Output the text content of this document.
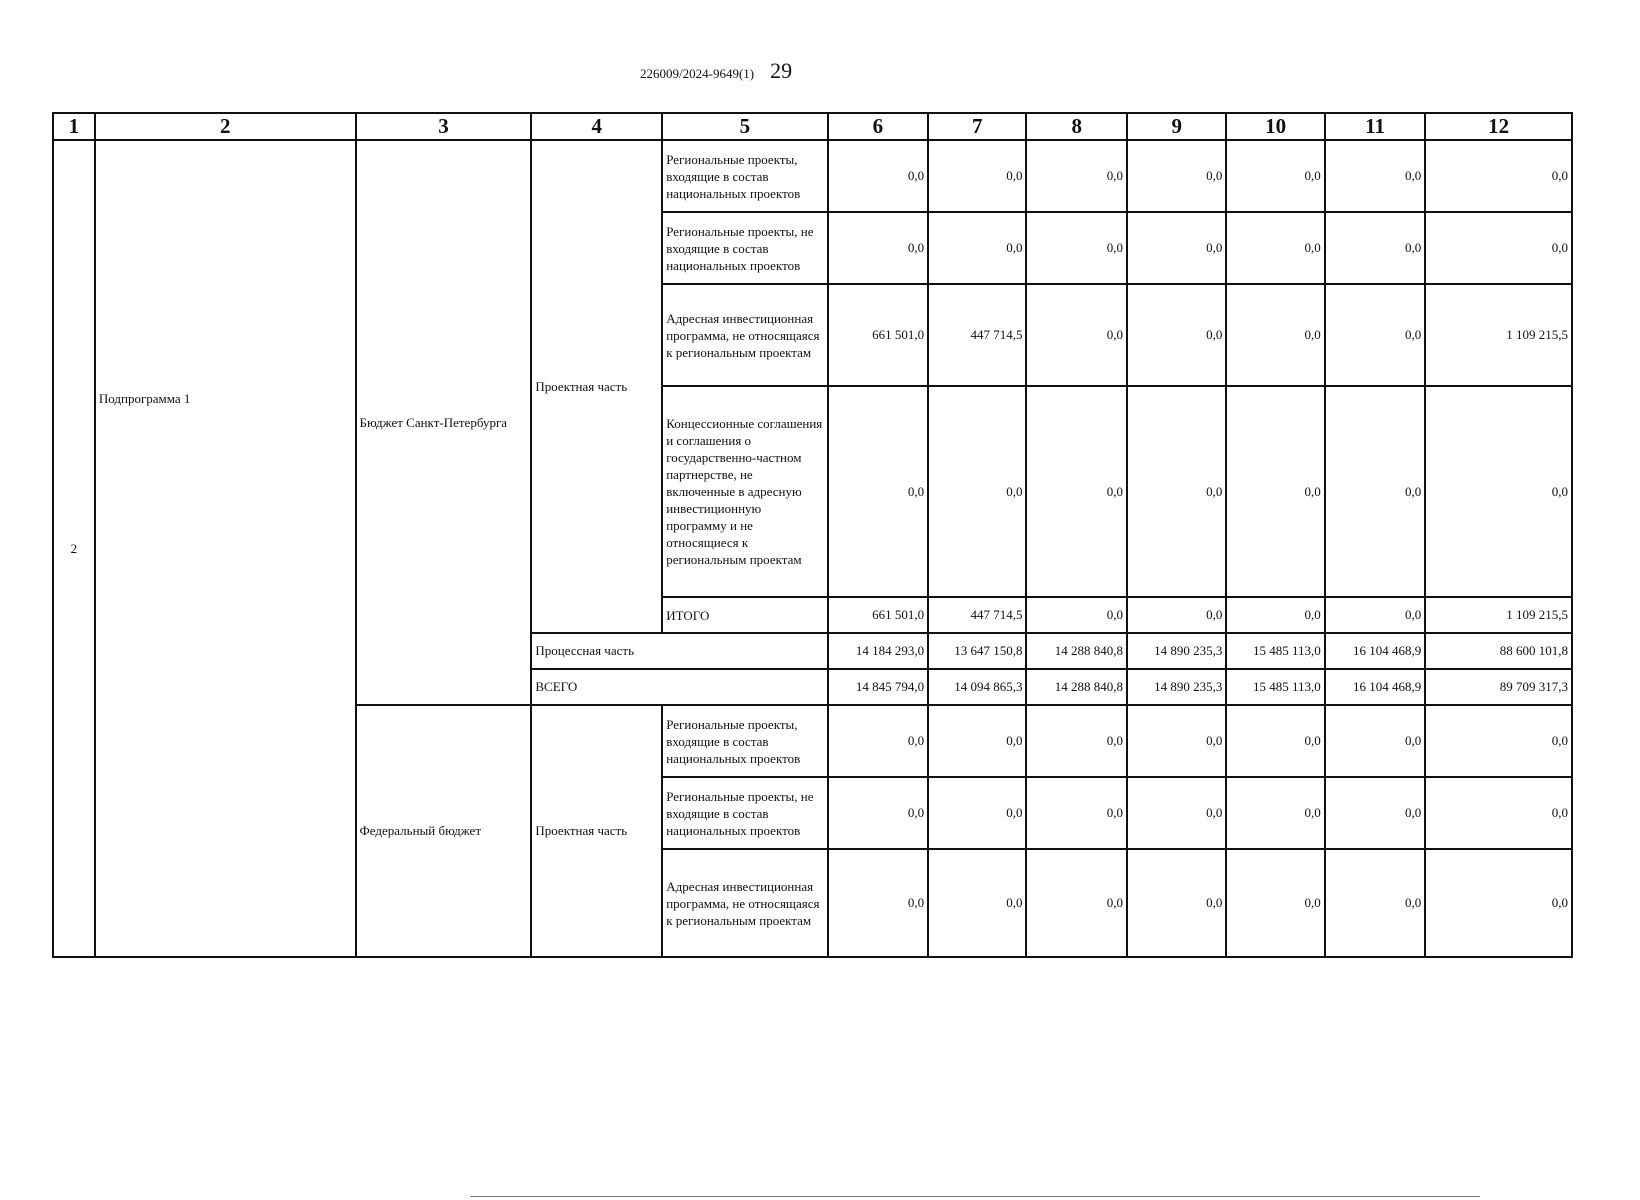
226009/2024-9649(1) 29
1	2	3	4	5	6	7	8	9	10	11	12
2	Подпрограмма 1	Бюджет Санкт-Петербурга	Проектная часть	Региональные проекты, входящие в состав национальных проектов	0,0	0,0	0,0	0,0	0,0	0,0	0,0
				Региональные проекты, не входящие в состав национальных проектов	0,0	0,0	0,0	0,0	0,0	0,0	0,0
				Адресная инвестиционная программа, не относящаяся к региональным проектам	661 501,0	447 714,5	0,0	0,0	0,0	0,0	1 109 215,5
				Концессионные соглашения и соглашения о государственно-частном партнерстве, не включенные в адресную инвестиционную программу и не относящиеся к региональным проектам	0,0	0,0	0,0	0,0	0,0	0,0	0,0
				ИТОГО	661 501,0	447 714,5	0,0	0,0	0,0	0,0	1 109 215,5
			Процессная часть		14 184 293,0	13 647 150,8	14 288 840,8	14 890 235,3	15 485 113,0	16 104 468,9	88 600 101,8
			ВСЕГО		14 845 794,0	14 094 865,3	14 288 840,8	14 890 235,3	15 485 113,0	16 104 468,9	89 709 317,3
		Федеральный бюджет	Проектная часть	Региональные проекты, входящие в состав национальных проектов	0,0	0,0	0,0	0,0	0,0	0,0	0,0
				Региональные проекты, не входящие в состав национальных проектов	0,0	0,0	0,0	0,0	0,0	0,0	0,0
				Адресная инвестиционная программа, не относящаяся к региональным проектам	0,0	0,0	0,0	0,0	0,0	0,0	0,0
